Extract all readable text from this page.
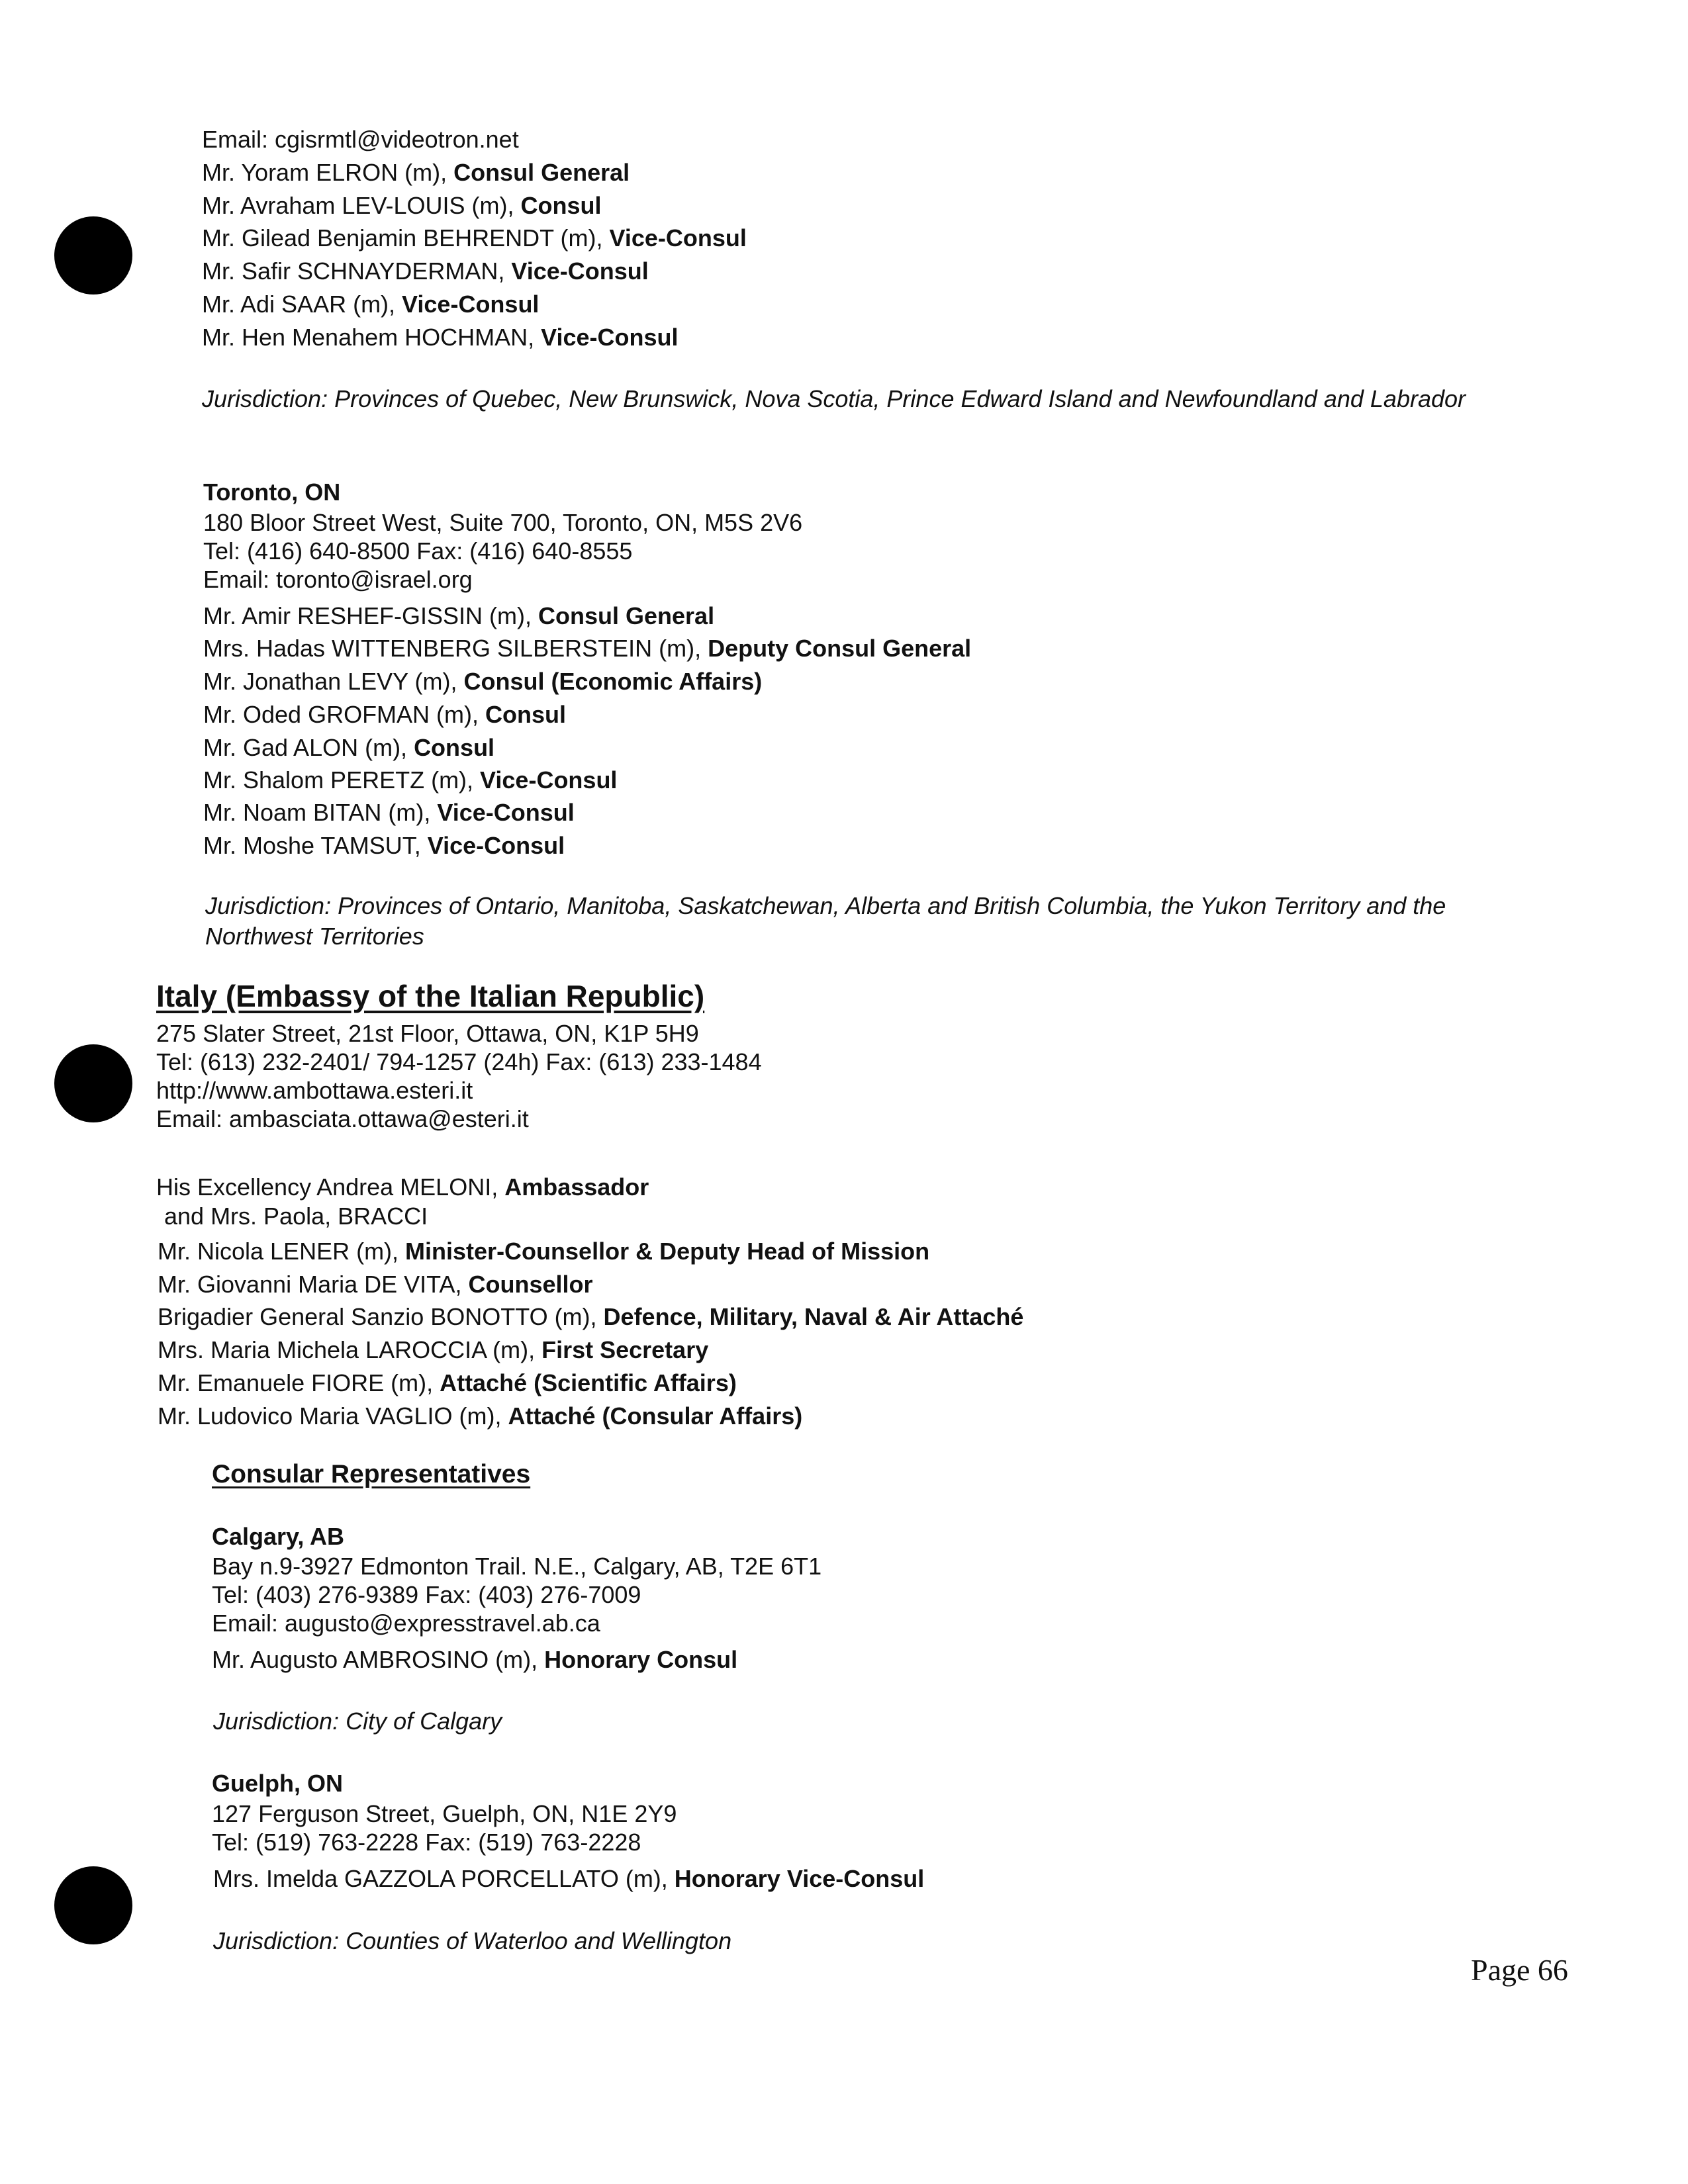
Email: cgisrmtl@videotron.net
Mr. Yoram ELRON (m), Consul General
Mr. Avraham LEV-LOUIS (m), Consul
Mr. Gilead Benjamin BEHRENDT (m), Vice-Consul
Mr. Safir SCHNAYDERMAN, Vice-Consul
Mr. Adi SAAR (m), Vice-Consul
Mr. Hen Menahem HOCHMAN, Vice-Consul
Jurisdiction: Provinces of Quebec, New Brunswick, Nova Scotia, Prince Edward Island and Newfoundland and Labrador
Toronto, ON
180 Bloor Street West, Suite 700, Toronto, ON, M5S 2V6
Tel: (416) 640-8500 Fax: (416) 640-8555
Email: toronto@israel.org
Mr. Amir RESHEF-GISSIN (m), Consul General
Mrs. Hadas WITTENBERG SILBERSTEIN (m), Deputy Consul General
Mr. Jonathan LEVY (m), Consul (Economic Affairs)
Mr. Oded GROFMAN (m), Consul
Mr. Gad ALON (m), Consul
Mr. Shalom PERETZ (m), Vice-Consul
Mr. Noam BITAN (m), Vice-Consul
Mr. Moshe TAMSUT, Vice-Consul
Jurisdiction: Provinces of Ontario, Manitoba, Saskatchewan, Alberta and British Columbia, the Yukon Territory and the
Northwest Territories
Italy (Embassy of the Italian Republic)
275 Slater Street, 21st Floor, Ottawa, ON, K1P 5H9
Tel: (613) 232-2401/ 794-1257 (24h) Fax: (613) 233-1484
http://www.ambottawa.esteri.it
Email: ambasciata.ottawa@esteri.it
His Excellency Andrea MELONI, Ambassador
and Mrs. Paola, BRACCI
Mr. Nicola LENER (m), Minister-Counsellor & Deputy Head of Mission
Mr. Giovanni Maria DE VITA, Counsellor
Brigadier General Sanzio BONOTTO (m), Defence, Military, Naval & Air Attaché
Mrs. Maria Michela LAROCCIA (m), First Secretary
Mr. Emanuele FIORE (m), Attaché (Scientific Affairs)
Mr. Ludovico Maria VAGLIO (m), Attaché (Consular Affairs)
Consular Representatives
Calgary, AB
Bay n.9-3927 Edmonton Trail. N.E., Calgary, AB, T2E 6T1
Tel: (403) 276-9389 Fax: (403) 276-7009
Email: augusto@expresstravel.ab.ca
Mr. Augusto AMBROSINO (m), Honorary Consul
Jurisdiction: City of Calgary
Guelph, ON
127 Ferguson Street, Guelph, ON, N1E 2Y9
Tel: (519) 763-2228 Fax: (519) 763-2228
Mrs. Imelda GAZZOLA PORCELLATO (m), Honorary Vice-Consul
Jurisdiction: Counties of Waterloo and Wellington
Page 66
